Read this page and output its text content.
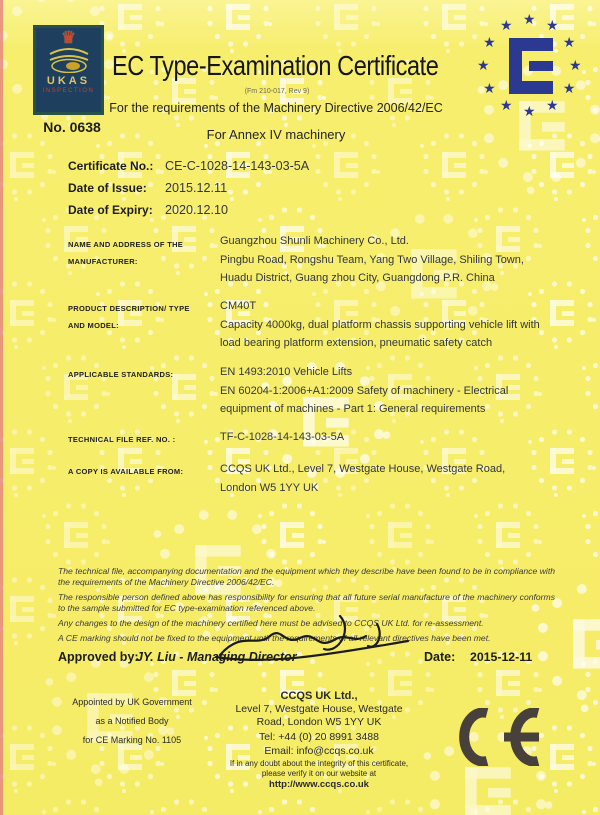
♛
UKAS
INSPECTION
No. 0638
★ ★
★
★
★
★
★
★
★
★
★
★
EC Type-Examination Certificate
(Fm 210-017, Rev 9)
For the requirements of the Machinery Directive 2006/42/EC
For Annex IV machinery
Certificate No.: CE-C-1028-14-143-03-5A
Date of Issue: 2015.12.11
Date of Expiry: 2020.12.10
NAME AND ADDRESS OF THE
MANUFACTURER:
Guangzhou Shunli Machinery Co., Ltd.
Pingbu Road, Rongshu Team, Yang Two Village, Shiling Town,
Huadu District, Guang zhou City, Guangdong P.R. China
PRODUCT DESCRIPTION/ TYPE
AND MODEL:
CM40T
Capacity 4000kg, dual platform chassis supporting vehicle lift with
load bearing platform extension, pneumatic safety catch
APPLICABLE STANDARDS:	EN 1493:2010 Vehicle Lifts
EN 60204-1:2006+A1:2009 Safety of machinery - Electrical
equipment of machines - Part 1: General requirements
TECHNICAL FILE REF. NO. :	TF-C-1028-14-143-03-5A
A COPY IS AVAILABLE FROM:	CCQS UK Ltd., Level 7, Westgate House, Westgate Road,
London W5 1YY UK

The technical file, accompanying documentation and the equipment which they describe have been found to be in compliance with the requirements of the Machinery Directive 2006/42/EC.

The responsible person defined above has responsibility for ensuring that all future serial manufacture of the machinery conforms to the sample submitted for EC type-examination referenced above.

Any changes to the design of the machinery certified here must be advised to CCQS UK Ltd. for re-assessment.

A CE marking should not be fixed to the equipment until the requirements of all relevant directives have been met.

Approved by:
JY. Liu - Managing Director	Date: 2015-12-11
Appointed by UK Government
as a Notified Body
for CE Marking No. 1105
CCQS UK Ltd.,
Level 7, Westgate House, Westgate
Road, London W5 1YY UK
Tel: +44 (0) 20 8991 3488
Email: info@ccqs.co.uk
If in any doubt about the integrity of this certificate,
please verify it on our website at
http://www.ccqs.co.uk
